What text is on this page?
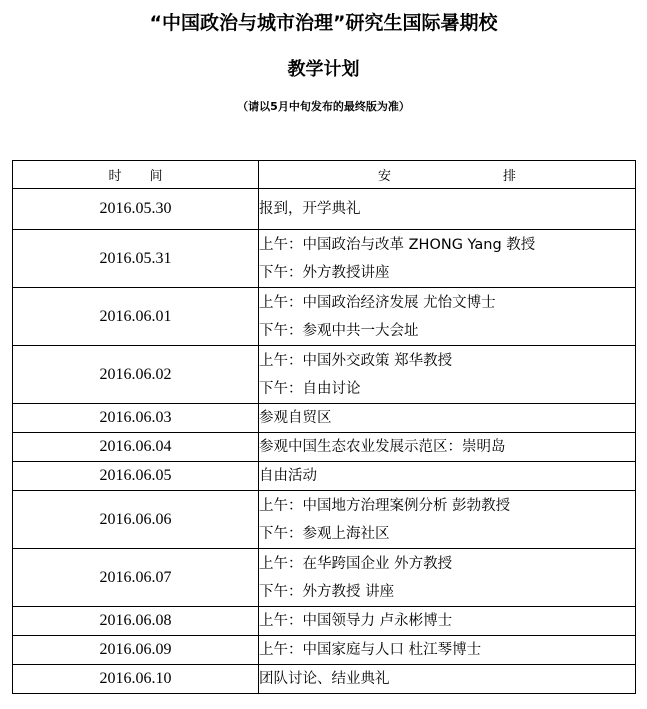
“中国政治与城市治理”研究生国际暑期校
教学计划
（请以5月中旬发布的最终版为准）
时 间	安 排
2016.05.30	报到，开学典礼

2016.05.31	上午：中国政治与改革 ZHONG Yang 教授
下午：外方教授讲座

2016.06.01	上午：中国政治经济发展 尤怡文博士
下午：参观中共一大会址

2016.06.02	上午：中国外交政策 郑华教授
下午：自由讨论

2016.06.03	参观自贸区

2016.06.04	参观中国生态农业发展示范区：崇明岛

2016.06.05	自由活动

2016.06.06	上午：中国地方治理案例分析 彭勃教授
下午：参观上海社区

2016.06.07	上午：在华跨国企业 外方教授
下午：外方教授 讲座

2016.06.08	上午：中国领导力 卢永彬博士

2016.06.09	上午：中国家庭与人口 杜江琴博士

2016.06.10	团队讨论、结业典礼
